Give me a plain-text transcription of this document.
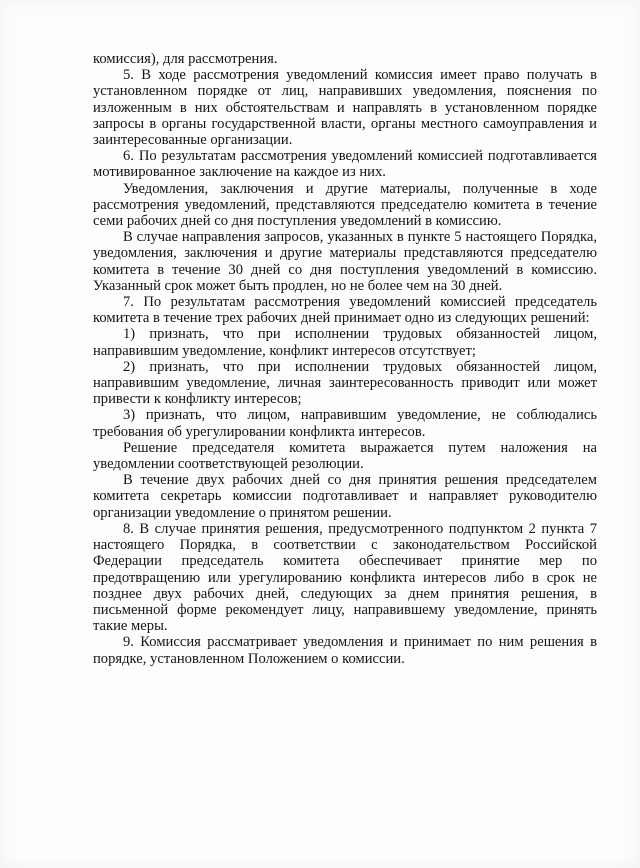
комиссия), для рассмотрения.

5. В ходе рассмотрения уведомлений комиссия имеет право получать в установленном порядке от лиц, направивших уведомления, пояснения по изложенным в них обстоятельствам и направлять в установленном порядке запросы в органы государственной власти, органы местного самоуправления и заинтересованные организации.

6. По результатам рассмотрения уведомлений комиссией подготавливается мотивированное заключение на каждое из них.

Уведомления, заключения и другие материалы, полученные в ходе рассмотрения уведомлений, представляются председателю комитета в течение семи рабочих дней со дня поступления уведомлений в комиссию.

В случае направления запросов, указанных в пункте 5 настоящего Порядка, уведомления, заключения и другие материалы представляются председателю комитета в течение 30 дней со дня поступления уведомлений в комиссию. Указанный срок может быть продлен, но не более чем на 30 дней.

7. По результатам рассмотрения уведомлений комиссией председатель комитета в течение трех рабочих дней принимает одно из следующих решений:

1) признать, что при исполнении трудовых обязанностей лицом, направившим уведомление, конфликт интересов отсутствует;

2) признать, что при исполнении трудовых обязанностей лицом, направившим уведомление, личная заинтересованность приводит или может привести к конфликту интересов;

3) признать, что лицом, направившим уведомление, не соблюдались требования об урегулировании конфликта интересов.

Решение председателя комитета выражается путем наложения на уведомлении соответствующей резолюции.

В течение двух рабочих дней со дня принятия решения председателем комитета секретарь комиссии подготавливает и направляет руководителю организации уведомление о принятом решении.

8. В случае принятия решения, предусмотренного подпунктом 2 пункта 7 настоящего Порядка, в соответствии с законодательством Российской Федерации председатель комитета обеспечивает принятие мер по предотвращению или урегулированию конфликта интересов либо в срок не позднее двух рабочих дней, следующих за днем принятия решения, в письменной форме рекомендует лицу, направившему уведомление, принять такие меры.

9. Комиссия рассматривает уведомления и принимает по ним решения в порядке, установленном Положением о комиссии.
